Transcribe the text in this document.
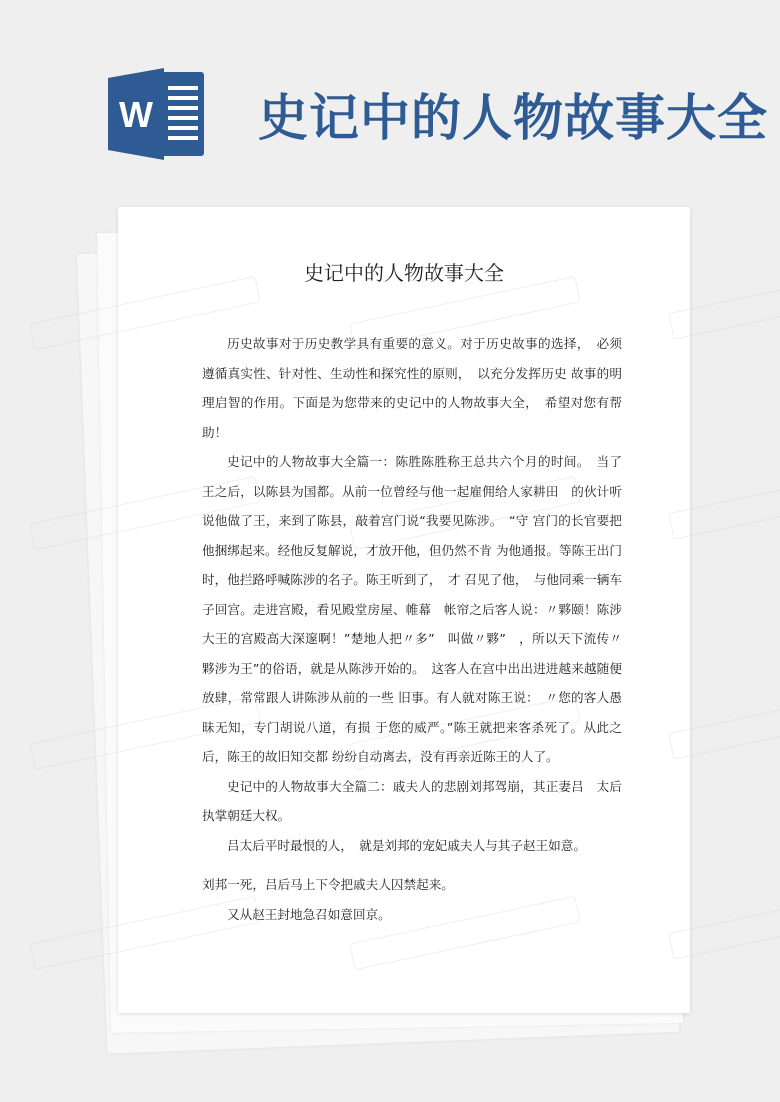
W 史记中的人物故事大全
史记中的人物故事大全

历史故事对于历史教学具有重要的意义。对于历史故事的选择，　必须遵循真实性、针对性、生动性和探究性的原则，　以充分发挥历史 故事的明理启智的作用。下面是为您带来的史记中的人物故事大全，　希望对您有帮助！

史记中的人物故事大全篇一：陈胜陈胜称王总共六个月的时间。　当了王之后，以陈县为国都。从前一位曾经与他一起雇佣给人家耕田　的伙计听说他做了王，来到了陈县，敲着宫门说“我要见陈涉。　“守 宫门的长官要把他捆绑起来。经他反复解说，才放开他，但仍然不肯 为他通报。等陈王出门时，他拦路呼喊陈涉的名子。陈王听到了，　才 召见了他，　与他同乘一辆车子回宫。走进宫殿，看见殿堂房屋、帷幕　帐帘之后客人说：〃夥颐！陈涉大王的宫殿高大深邃啊！”楚地人把〃多”　叫做〃夥”　，所以天下流传〃夥涉为王”的俗语，就是从陈涉开始的。　这客人在宫中出出进进越来越随便放肆，常常跟人讲陈涉从前的一些 旧事。有人就对陈王说：　〃您的客人愚昧无知，专门胡说八道，有损 于您的威严。”陈王就把来客杀死了。从此之后，陈王的故旧知交都 纷纷自动离去，没有再亲近陈王的人了。

史记中的人物故事大全篇二：戚夫人的悲剧刘邦驾崩，其正妻吕　太后执掌朝廷大权。

吕太后平时最恨的人，　就是刘邦的宠妃戚夫人与其子赵王如意。

刘邦一死，吕后马上下令把戚夫人囚禁起来。

又从赵王封地急召如意回京。
